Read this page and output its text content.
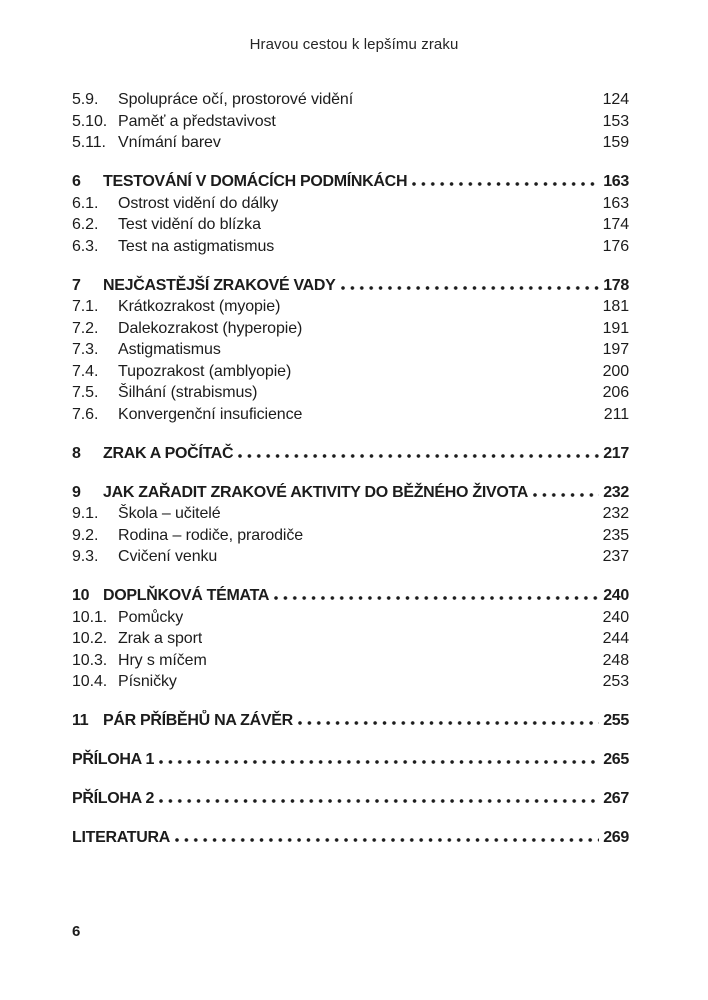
Hravou cestou k lepšímu zraku
5.9.	Spolupráce očí, prostorové vidění	124
5.10. Paměť a představivost	153
5.11. Vnímání barev	159
6	TESTOVÁNÍ V DOMÁCÍCH PODMÍNKÁCH	163
6.1.	Ostrost vidění do dálky	163
6.2.	Test vidění do blízka	174
6.3.	Test na astigmatismus	176
7	NEJČASTĚJŠÍ ZRAKOVÉ VADY	178
7.1.	Krátkozrakost (myopie)	181
7.2.	Dalekozrakost (hyperopie)	191
7.3.	Astigmatismus	197
7.4.	Tupozrakost (amblyopie)	200
7.5.	Šilhání (strabismus)	206
7.6.	Konvergenční insuficience	211
8	ZRAK A POČÍTAČ	217
9	JAK ZAŘADIT ZRAKOVÉ AKTIVITY DO BĚŽNÉHO ŽIVOTA	232
9.1.	Škola – učitelé	232
9.2.	Rodina – rodiče, prarodiče	235
9.3.	Cvičení venku	237
10 DOPLŇKOVÁ TÉMATA	240
10.1. Pomůcky	240
10.2. Zrak a sport	244
10.3. Hry s míčem	248
10.4. Písničky	253
11 PÁR PŘÍBĚHŮ NA ZÁVĚR	255
PŘÍLOHA 1	265
PŘÍLOHA 2	267
LITERATURA	269
6
